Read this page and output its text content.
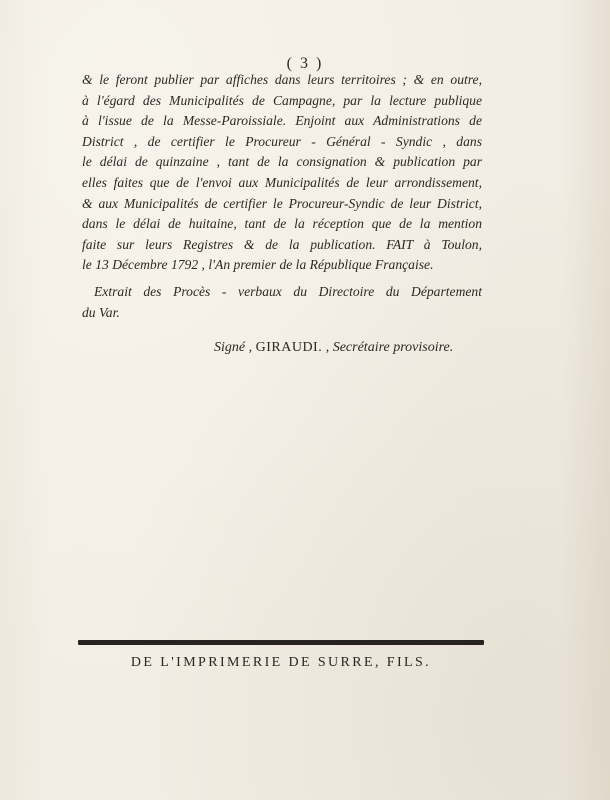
( 3 )
& le feront publier par affiches dans leurs territoires ; & en outre,
à l'égard des Municipalités de Campagne, par la lecture publique
à l'issue de la Messe-Paroissiale. Enjoint aux Administrations de
District , de certifier le Procureur - Général - Syndic , dans
le délai de quinzaine , tant de la consignation & publication par
elles faites que de l'envoi aux Municipalités de leur arrondissement,
& aux Municipalités de certifier le Procureur-Syndic de leur District,
dans le délai de huitaine, tant de la réception que de la mention
faite sur leurs Registres & de la publication. FAIT à Toulon,
le 13 Décembre 1792 , l'An premier de la République Française.
Extrait des Procès - verbaux du Directoire du Département
du Var.
Signé , GIRAUDI. , Secrétaire provisoire.
DE L'IMPRIMERIE DE SURRE, FILS.
